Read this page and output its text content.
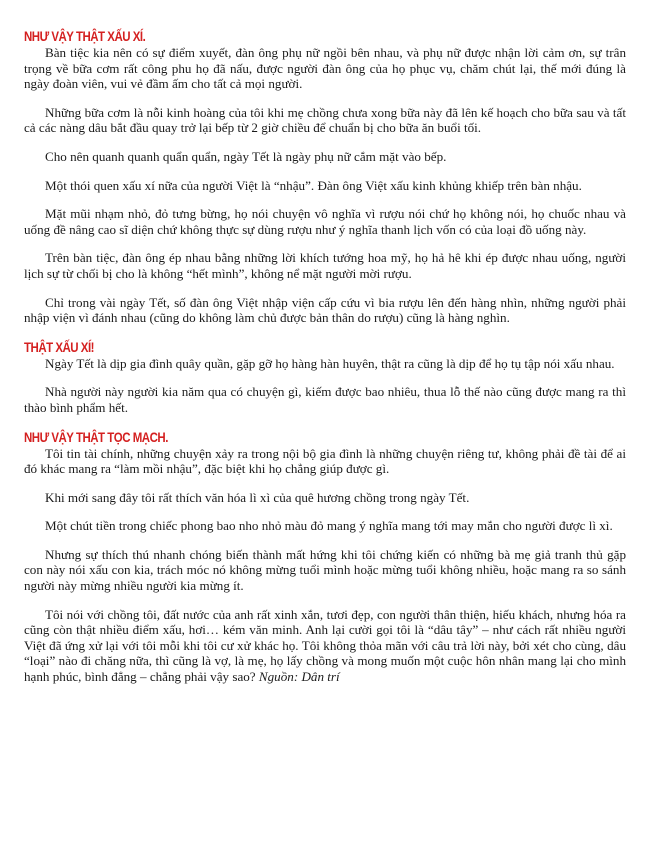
NHƯ VẬY THẬT XẤU XÍ.

Bàn tiệc kia nên có sự điểm xuyết, đàn ông phụ nữ ngồi bên nhau, và phụ nữ được nhận lời cảm ơn, sự trân trọng về bữa cơm rất công phu họ đã nấu, được người đàn ông của họ phục vụ, chăm chút lại, thế mới đúng là ngày đoàn viên, vui vẻ đầm ấm cho tất cả mọi người.

Những bữa cơm là nỗi kinh hoàng của tôi khi mẹ chồng chưa xong bữa này đã lên kế hoạch cho bữa sau và tất cả các nàng dâu bắt đầu quay trở lại bếp từ 2 giờ chiều để chuẩn bị cho bữa ăn buổi tối.

Cho nên quanh quanh quẩn quẩn, ngày Tết là ngày phụ nữ cắm mặt vào bếp.

Một thói quen xấu xí nữa của người Việt là “nhậu”. Đàn ông Việt xấu kinh khủng khiếp trên bàn nhậu.

Mặt mũi nhạm nhỏ, đỏ tưng bừng, họ nói chuyện vô nghĩa vì rượu nói chứ họ không nói, họ chuốc nhau và uống đề nâng cao sĩ diện chứ không thực sự dùng rượu như ý nghĩa thanh lịch vốn có của loại đồ uống này.

Trên bàn tiệc, đàn ông ép nhau bằng những lời khích tướng hoa mỹ, họ hả hê khi ép được nhau uống, người lịch sự từ chối bị cho là không “hết mình”, không nể mặt người mời rượu.

Chỉ trong vài ngày Tết, số đàn ông Việt nhập viện cấp cứu vì bia rượu lên đến hàng nhìn, những người phải nhập viện vì đánh nhau (cũng do không làm chủ được bản thân do rượu) cũng là hàng nghìn.

THẬT XẤU XÍ!

Ngày Tết là dịp gia đình quây quần, gặp gỡ họ hàng hàn huyên, thật ra cũng là dịp để họ tụ tập nói xấu nhau.

Nhà người này người kia năm qua có chuyện gì, kiếm được bao nhiêu, thua lỗ thế nào cũng được mang ra thì thào bình phẩm hết.

NHƯ VẬY THẬT TỌC MẠCH.

Tôi tin tài chính, những chuyện xảy ra trong nội bộ gia đình là những chuyện riêng tư, không phải đề tài để ai đó khác mang ra “làm mồi nhậu”, đặc biệt khi họ chẳng giúp được gì.

Khi mới sang đây tôi rất thích văn hóa lì xì của quê hương chồng trong ngày Tết.

Một chút tiền trong chiếc phong bao nho nhỏ màu đỏ mang ý nghĩa mang tới may mắn cho người được lì xì.

Nhưng sự thích thú nhanh chóng biến thành mất hứng khi tôi chứng kiến có những bà mẹ giả tranh thủ gặp con này nói xấu con kia, trách móc nó không mừng tuổi mình hoặc mừng tuổi không nhiều, hoặc mang ra so sánh người này mừng nhiều người kia mừng ít.

Tôi nói với chồng tôi, đất nước của anh rất xinh xắn, tươi đẹp, con người thân thiện, hiếu khách, nhưng hóa ra cũng còn thật nhiều điểm xấu, hơi… kém văn minh. Anh lại cười gọi tôi là “dâu tây” – như cách rất nhiều người Việt đã ứng xử lại với tôi mỗi khi tôi cư xử khác họ. Tôi không thỏa mãn với câu trả lời này, bởi xét cho cùng, dâu “loại” nào đi chăng nữa, thì cũng là vợ, là mẹ, họ lấy chồng và mong muốn một cuộc hôn nhân mang lại cho mình hạnh phúc, bình đẳng – chẳng phải vậy sao? Nguồn: Dân trí
